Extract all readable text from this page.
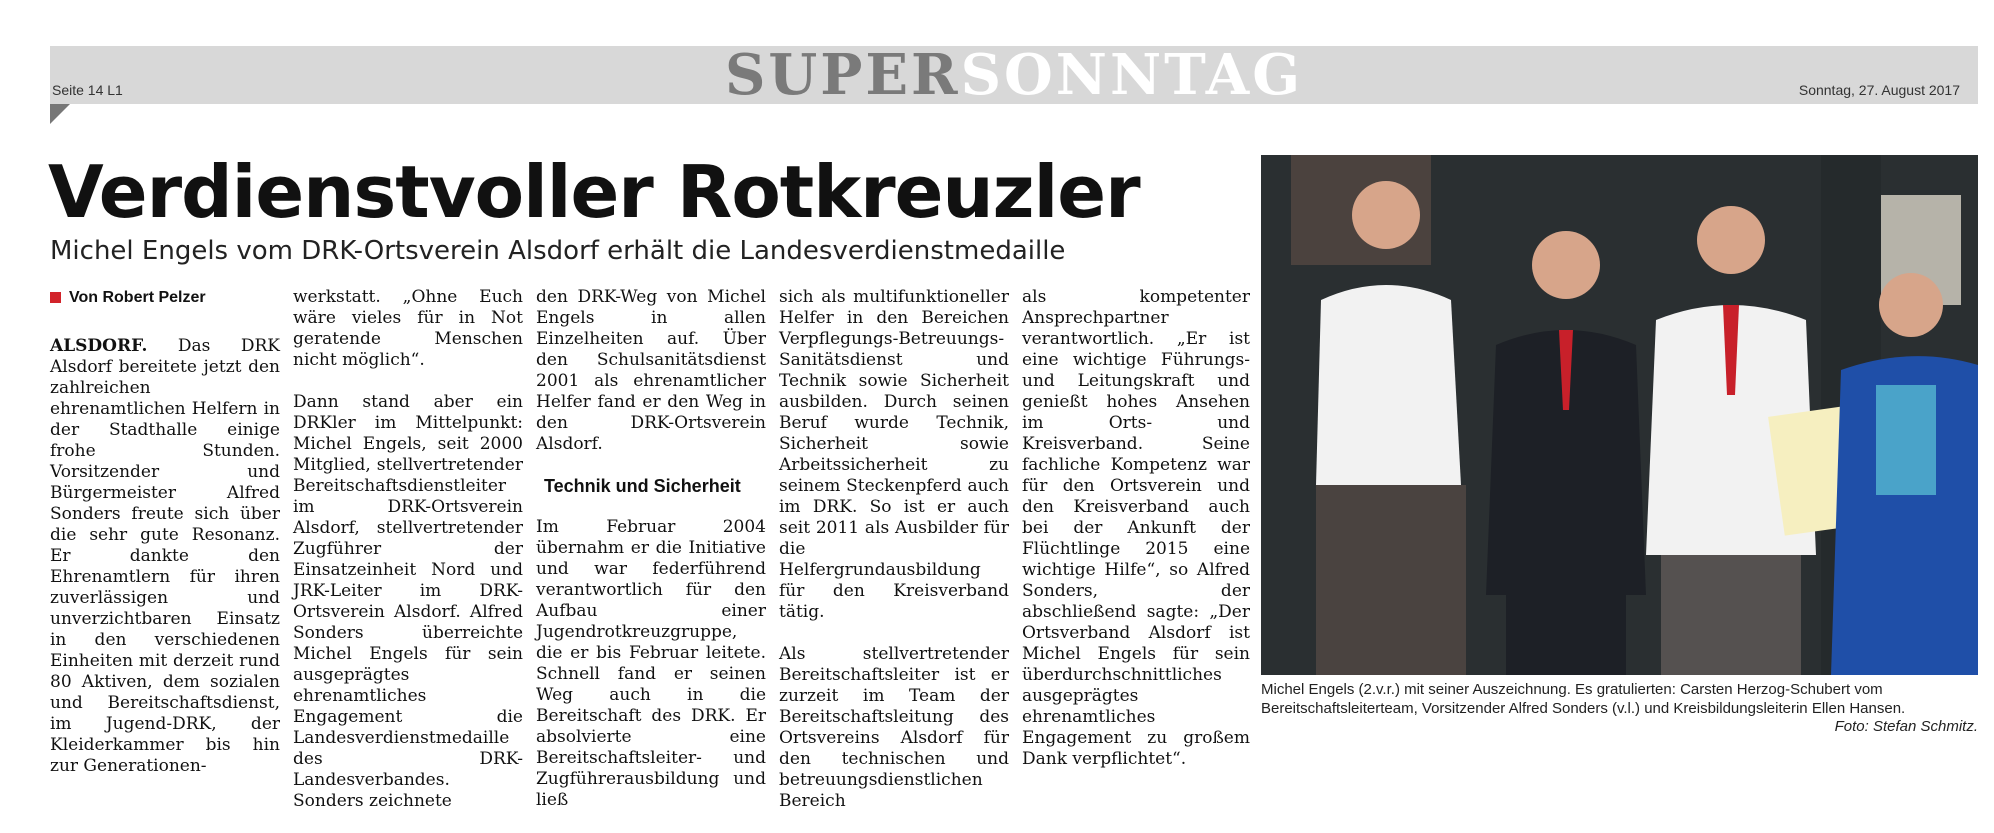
SUPERSONNTAG
Seite 14 L1	Sonntag, 27. August 2017
Verdienstvoller Rotkreuzler
Michel Engels vom DRK-Ortsverein Alsdorf erhält die Landesverdienstmedaille
Von Robert Pelzer

ALSDORF. Das DRK Alsdorf bereitete jetzt den zahlreichen ehrenamtlichen Helfern in der Stadthalle einige frohe Stunden. Vorsitzender und Bürgermeister Alfred Sonders freute sich über die sehr gute Resonanz. Er dankte den Ehrenamtlern für ihren zuverlässigen und unverzichtbaren Einsatz in den verschiedenen Einheiten mit derzeit rund 80 Aktiven, dem sozialen und Bereitschaftsdienst, im Jugend-DRK, der Kleiderkammer bis hin zur Generationen-

werkstatt. „Ohne Euch wäre vieles für in Not geratende Menschen nicht möglich“.

Dann stand aber ein DRKler im Mittelpunkt: Michel Engels, seit 2000 Mitglied, stellvertretender Bereitschaftsdienstleiter im DRK-Ortsverein Alsdorf, stellvertretender Zugführer der Einsatzeinheit Nord und JRK-Leiter im DRK-Ortsverein Alsdorf. Alfred Sonders überreichte Michel Engels für sein ausgeprägtes ehrenamtliches Engagement die Landesverdienstmedaille des DRK-Landesverbandes. Sonders zeichnete

den DRK-Weg von Michel Engels in allen Einzelheiten auf. Über den Schulsanitätsdienst 2001 als ehrenamtlicher Helfer fand er den Weg in den DRK-Ortsverein Alsdorf.

Technik und Sicherheit

Im Februar 2004 übernahm er die Initiative und war federführend verantwortlich für den Aufbau einer Jugendrotkreuzgruppe, die er bis Februar leitete. Schnell fand er seinen Weg auch in die Bereitschaft des DRK. Er absolvierte eine Bereitschaftsleiter- und Zugführerausbildung und ließ

sich als multifunktioneller Helfer in den Bereichen Verpflegungs-Betreuungs-Sanitätsdienst und Technik sowie Sicherheit ausbilden. Durch seinen Beruf wurde Technik, Sicherheit sowie Arbeitssicherheit zu seinem Steckenpferd auch im DRK. So ist er auch seit 2011 als Ausbilder für die Helfergrundausbildung für den Kreisverband tätig.

Als stellvertretender Bereitschaftsleiter ist er zurzeit im Team der Bereitschaftsleitung des Ortsvereins Alsdorf für den technischen und betreuungsdienstlichen Bereich

als kompetenter Ansprechpartner verantwortlich. „Er ist eine wichtige Führungs- und Leitungskraft und genießt hohes Ansehen im Orts- und Kreisverband. Seine fachliche Kompetenz war für den Ortsverein und den Kreisverband auch bei der Ankunft der Flüchtlinge 2015 eine wichtige Hilfe“, so Alfred Sonders, der abschließend sagte: „Der Ortsverband Alsdorf ist Michel Engels für sein überdurchschnittliches ausgeprägtes ehrenamtliches Engagement zu großem Dank verpflichtet“.

Michel Engels (2.v.r.) mit seiner Auszeichnung. Es gratulierten: Carsten Herzog-Schubert vom Bereitschaftsleiterteam, Vorsitzender Alfred Sonders (v.l.) und Kreisbildungsleiterin Ellen Hansen.
Foto: Stefan Schmitz.
